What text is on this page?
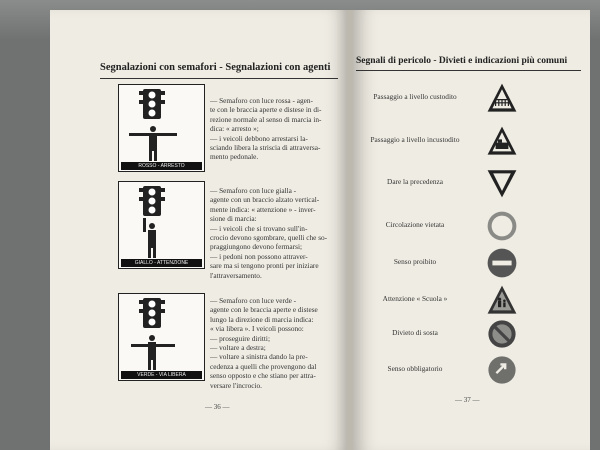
Segnalazioni con semafori - Segnalazioni con agenti
ROSSO - ARRESTO
GIALLO - ATTENZIONE
VERDE - VIA LIBERA

— Semaforo con luce rossa - agen-

te con le braccia aperte e distese in di-

rezione normale al senso di marcia in-

dica: « arresto »;

— i veicoli debbono arrestarsi la-

sciando libera la striscia di attraversa-

mento pedonale.

— Semaforo con luce gialla -

agente con un braccio alzato vertical-

mente indica: « attenzione » - inver-

sione di marcia:

— i veicoli che si trovano sull'in-

crocio devono sgombrare, quelli che so-

praggiungono devono fermarsi;

— i pedoni non possono attraver-

sare ma si tengono pronti per iniziare

l'attraversamento.

— Semaforo con luce verde -

agente con le braccia aperte e distese

lungo la direzione di marcia indica:

« via libera ». I veicoli possono:

— proseguire diritti;

— voltare a destra;

— voltare a sinistra dando la pre-

cedenza a quelli che provengono dal

senso opposto e che stiano per attra-

versare l'incrocio.

— 36 —
Segnali di pericolo - Divieti e indicazioni più comuni
Passaggio a livello custodito
Passaggio a livello incustodito
Dare la precedenza
Circolazione vietata
Senso proibito
Attenzione « Scuola »
Divieto di sosta
Senso obbligatorio
— 37 —
